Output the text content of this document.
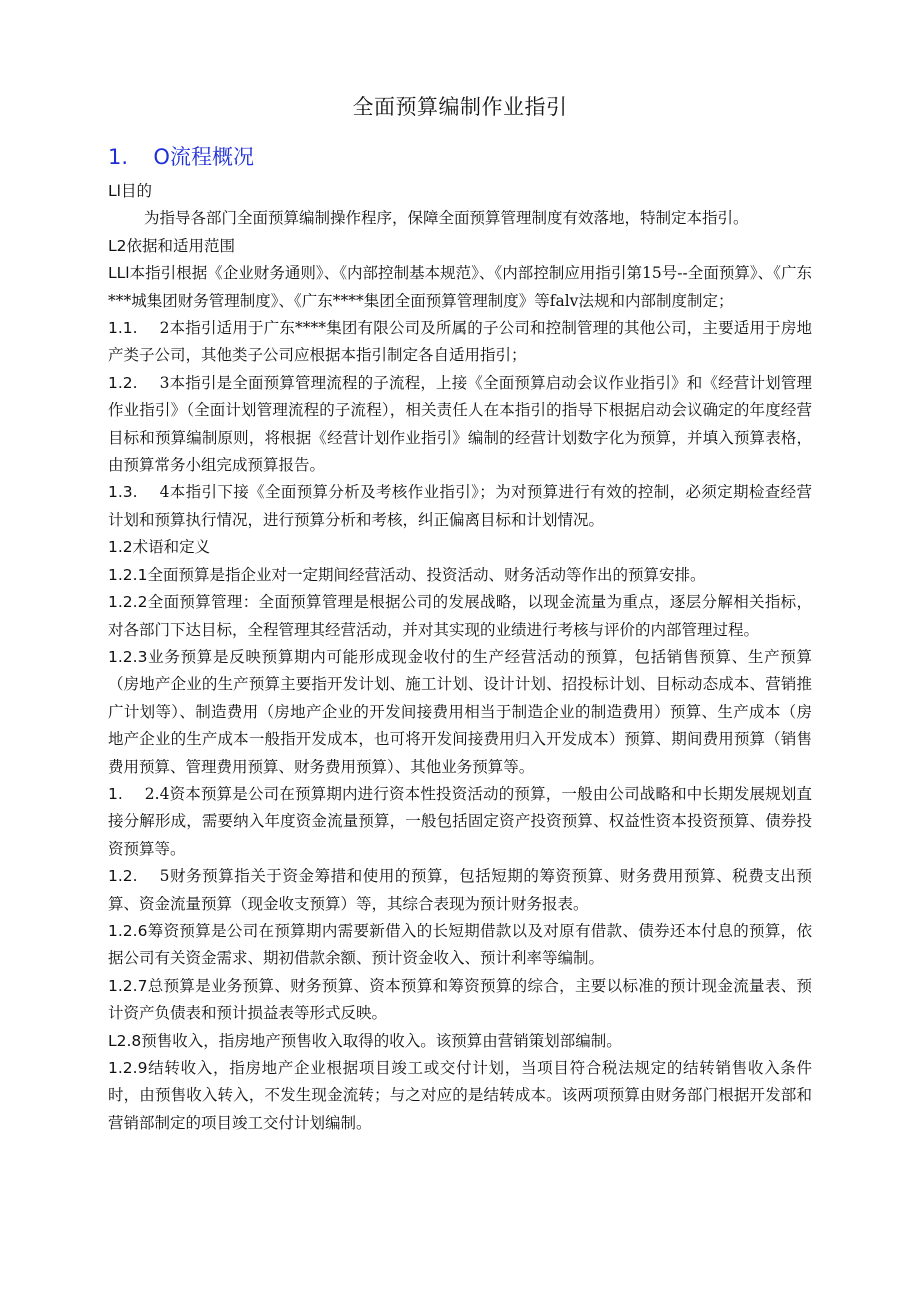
全面预算编制作业指引
1. O流程概况

Ll目的

为指导各部门全面预算编制操作程序，保障全面预算管理制度有效落地，特制定本指引。

L2依据和适用范围

LLl本指引根据《企业财务通则》、《内部控制基本规范》、《内部控制应用指引第15号--全面预算》、《广东***城集团财务管理制度》、《广东****集团全面预算管理制度》等falv法规和内部制度制定；

1.1. 2本指引适用于广东****集团有限公司及所属的子公司和控制管理的其他公司，主要适用于房地产类子公司，其他类子公司应根据本指引制定各自适用指引；

1.2. 3本指引是全面预算管理流程的子流程，上接《全面预算启动会议作业指引》和《经营计划管理作业指引》（全面计划管理流程的子流程），相关责任人在本指引的指导下根据启动会议确定的年度经营目标和预算编制原则，将根据《经营计划作业指引》编制的经营计划数字化为预算，并填入预算表格，由预算常务小组完成预算报告。

1.3. 4本指引下接《全面预算分析及考核作业指引》；为对预算进行有效的控制，必须定期检查经营计划和预算执行情况，进行预算分析和考核，纠正偏离目标和计划情况。

1.2术语和定义

1.2.1全面预算是指企业对一定期间经营活动、投资活动、财务活动等作出的预算安排。

1.2.2全面预算管理：全面预算管理是根据公司的发展战略，以现金流量为重点，逐层分解相关指标，对各部门下达目标，全程管理其经营活动，并对其实现的业绩进行考核与评价的内部管理过程。

1.2.3业务预算是反映预算期内可能形成现金收付的生产经营活动的预算，包括销售预算、生产预算（房地产企业的生产预算主要指开发计划、施工计划、设计计划、招投标计划、目标动态成本、营销推广计划等）、制造费用（房地产企业的开发间接费用相当于制造企业的制造费用）预算、生产成本（房地产企业的生产成本一般指开发成本，也可将开发间接费用归入开发成本）预算、期间费用预算（销售费用预算、管理费用预算、财务费用预算）、其他业务预算等。

1. 2.4资本预算是公司在预算期内进行资本性投资活动的预算，一般由公司战略和中长期发展规划直接分解形成，需要纳入年度资金流量预算，一般包括固定资产投资预算、权益性资本投资预算、债券投资预算等。

1.2. 5财务预算指关于资金筹措和使用的预算，包括短期的筹资预算、财务费用预算、税费支出预算、资金流量预算（现金收支预算）等，其综合表现为预计财务报表。

1.2.6筹资预算是公司在预算期内需要新借入的长短期借款以及对原有借款、债券还本付息的预算，依据公司有关资金需求、期初借款余额、预计资金收入、预计利率等编制。

1.2.7总预算是业务预算、财务预算、资本预算和筹资预算的综合，主要以标准的预计现金流量表、预计资产负债表和预计损益表等形式反映。

L2.8预售收入，指房地产预售收入取得的收入。该预算由营销策划部编制。

1.2.9结转收入，指房地产企业根据项目竣工或交付计划，当项目符合税法规定的结转销售收入条件时，由预售收入转入，不发生现金流转；与之对应的是结转成本。该两项预算由财务部门根据开发部和营销部制定的项目竣工交付计划编制。
